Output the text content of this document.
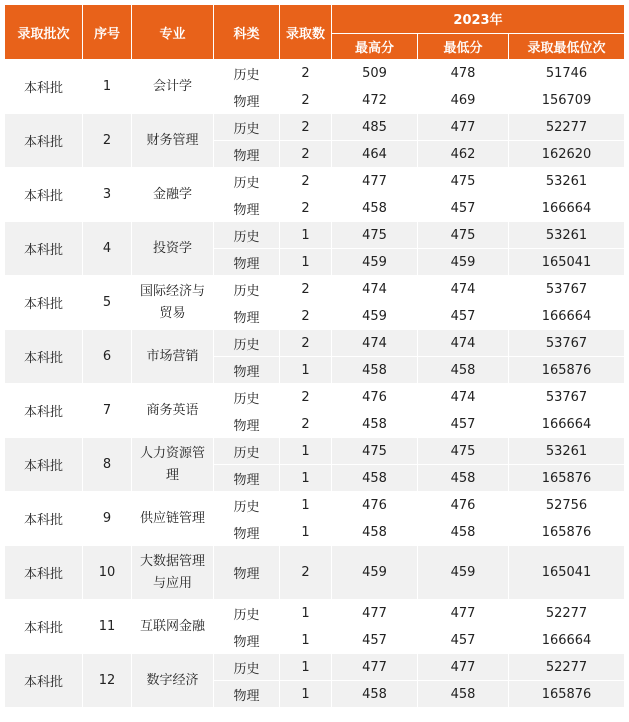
录取批次	序号	专业	科类	录取数	2023年		
					最高分	最低分	录取最低位次
本科批	1	会计学	历史	2	509	478	51746
			物理	2	472	469	156709
本科批	2	财务管理	历史	2	485	477	52277
			物理	2	464	462	162620
本科批	3	金融学	历史	2	477	475	53261
			物理	2	458	457	166664
本科批	4	投资学	历史	1	475	475	53261
			物理	1	459	459	165041
本科批	5	国际经济与贸易	历史	2	474	474	53767
			物理	2	459	457	166664
本科批	6	市场营销	历史	2	474	474	53767
			物理	1	458	458	165876
本科批	7	商务英语	历史	2	476	474	53767
			物理	2	458	457	166664
本科批	8	人力资源管理	历史	1	475	475	53261
			物理	1	458	458	165876
本科批	9	供应链管理	历史	1	476	476	52756
			物理	1	458	458	165876
本科批	10	大数据管理与应用	物理	2	459	459	165041
本科批	11	互联网金融	历史	1	477	477	52277
			物理	1	457	457	166664
本科批	12	数字经济	历史	1	477	477	52277
			物理	1	458	458	165876
